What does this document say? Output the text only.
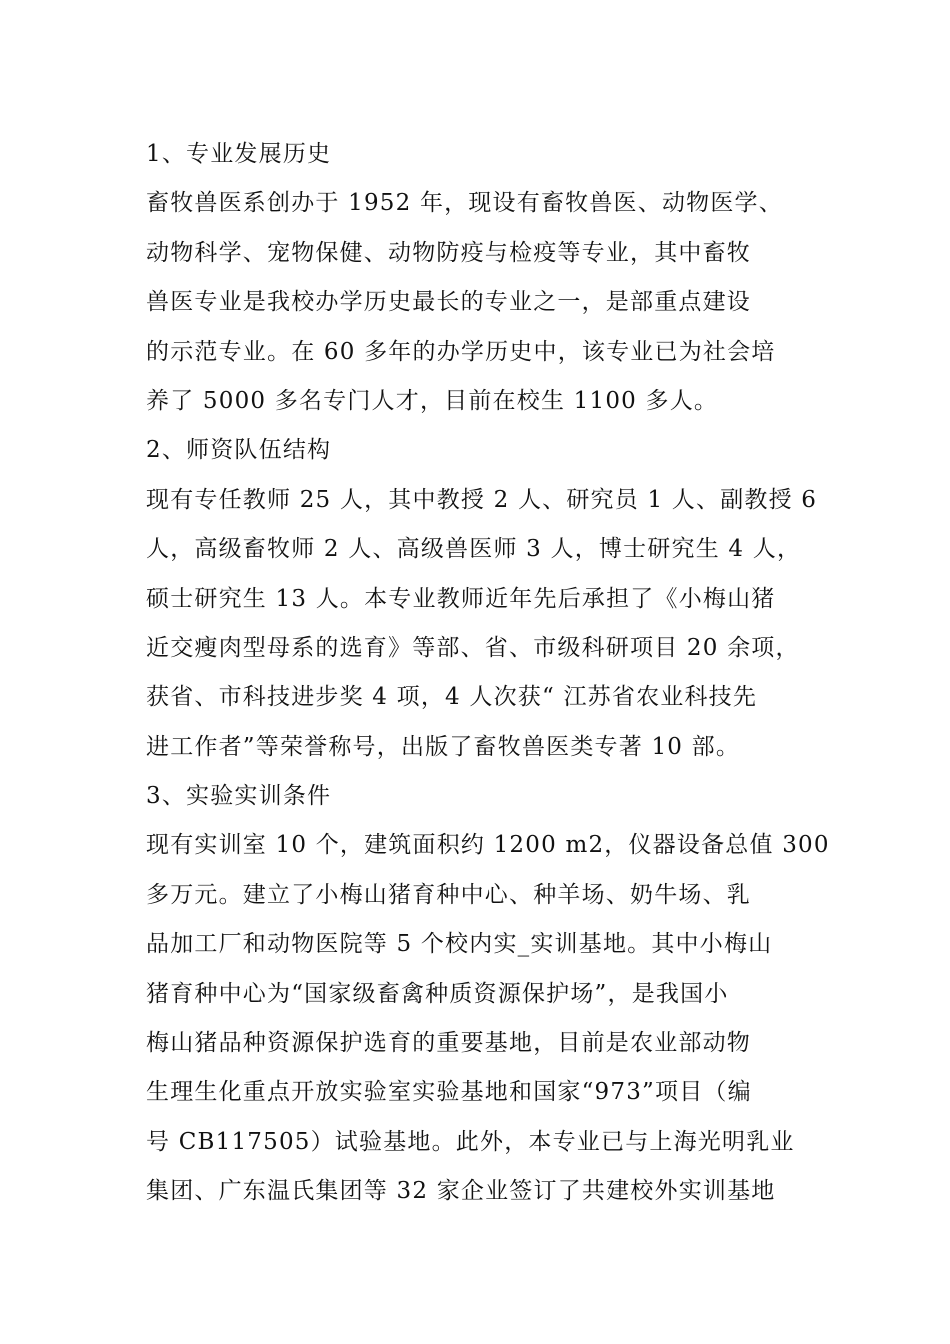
1、专业发展历史
畜牧兽医系创办于 1952 年，现设有畜牧兽医、动物医学、
动物科学、宠物保健、动物防疫与检疫等专业，其中畜牧
兽医专业是我校办学历史最长的专业之一，是部重点建设
的示范专业。在 60 多年的办学历史中，该专业已为社会培
养了 5000 多名专门人才，目前在校生 1100 多人。
2、师资队伍结构
现有专任教师 25 人，其中教授 2 人、研究员 1 人、副教授 6
人，高级畜牧师 2 人、高级兽医师 3 人，博士研究生 4 人，
硕士研究生 13 人。本专业教师近年先后承担了《小梅山猪
近交瘦肉型母系的选育》等部、省、市级科研项目 20 余项，
获省、市科技进步奖 4 项，4 人次获“ 江苏省农业科技先
进工作者”等荣誉称号，出版了畜牧兽医类专著 10 部。
3、实验实训条件
现有实训室 10 个，建筑面积约 1200 m2，仪器设备总值 300
多万元。建立了小梅山猪育种中心、种羊场、奶牛场、乳
品加工厂和动物医院等 5 个校内实_实训基地。其中小梅山
猪育种中心为“国家级畜禽种质资源保护场”，是我国小
梅山猪品种资源保护选育的重要基地，目前是农业部动物
生理生化重点开放实验室实验基地和国家“973”项目（编
号 CB117505）试验基地。此外，本专业已与上海光明乳业
集团、广东温氏集团等 32 家企业签订了共建校外实训基地
